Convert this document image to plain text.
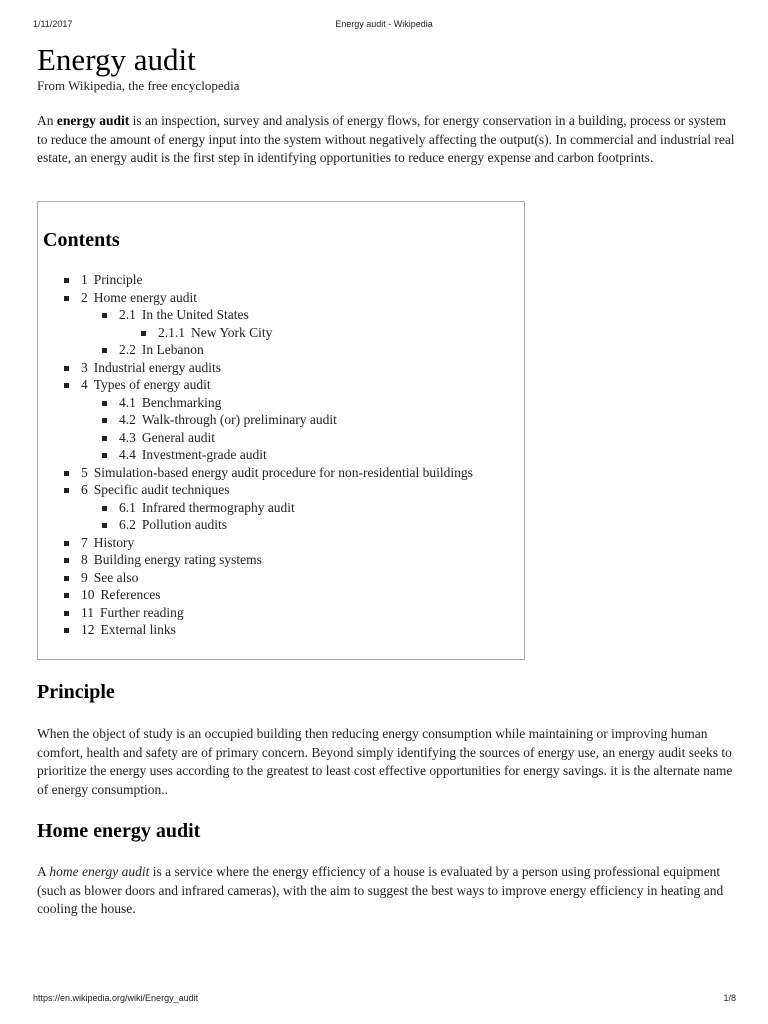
1/11/2017	Energy audit - Wikipedia
Energy audit
From Wikipedia, the free encyclopedia

An energy audit is an inspection, survey and analysis of energy flows, for energy conservation in a building, process or system to reduce the amount of energy input into the system without negatively affecting the output(s). In commercial and industrial real estate, an energy audit is the first step in identifying opportunities to reduce energy expense and carbon footprints.

Contents
1 Principle
2 Home energy audit
2.1 In the United States
2.1.1 New York City
2.2 In Lebanon
3 Industrial energy audits
4 Types of energy audit
4.1 Benchmarking
4.2 Walk-through (or) preliminary audit
4.3 General audit
4.4 Investment-grade audit
5 Simulation-based energy audit procedure for non-residential buildings
6 Specific audit techniques
6.1 Infrared thermography audit
6.2 Pollution audits
7 History
8 Building energy rating systems
9 See also
10 References
11 Further reading
12 External links
Principle

When the object of study is an occupied building then reducing energy consumption while maintaining or improving human comfort, health and safety are of primary concern. Beyond simply identifying the sources of energy use, an energy audit seeks to prioritize the energy uses according to the greatest to least cost effective opportunities for energy savings. it is the alternate name of energy consumption..

Home energy audit

A home energy audit is a service where the energy efficiency of a house is evaluated by a person using professional equipment (such as blower doors and infrared cameras), with the aim to suggest the best ways to improve energy efficiency in heating and cooling the house.

https://en.wikipedia.org/wiki/Energy_audit	1/8
